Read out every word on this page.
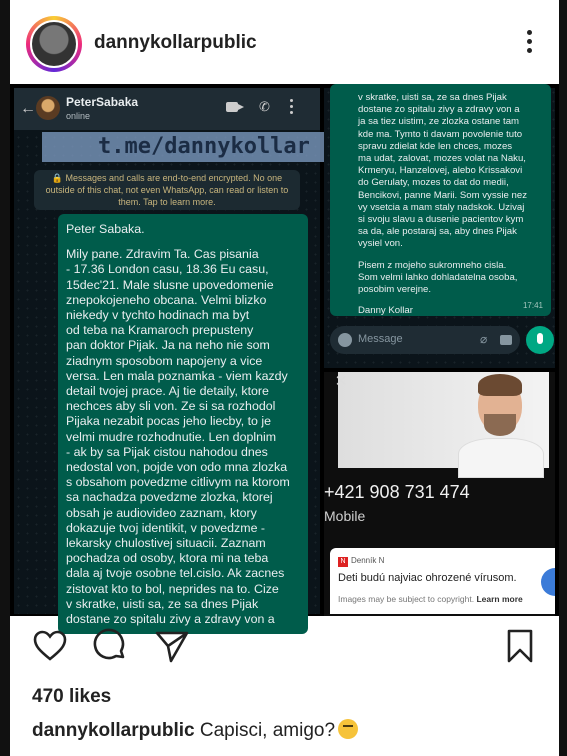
dannykollarpublic
←	PeterSabaka
online
✆
t.me/dannykollar
🔒 Messages and calls are end-to-end encrypted. No one outside of this chat, not even WhatsApp, can read or listen to them. Tap to learn more.

Peter Sabaka.

Mily pane. Zdravim Ta. Cas pisania
- 17.36 London casu, 18.36 Eu casu,
15dec'21. Male slusne upovedomenie
znepokojeneho obcana. Velmi blizko
niekedy v tychto hodinach ma byt
od teba na Kramaroch prepusteny
pan doktor Pijak. Ja na neho nie som
ziadnym sposobom napojeny a vice
versa. Len mala poznamka - viem kazdy
detail tvojej prace. Aj tie detaily, ktore
nechces aby sli von. Ze si sa rozhodol
Pijaka nezabit pocas jeho liecby, to je
velmi mudre rozhodnutie. Len doplnim
- ak by sa Pijak cistou nahodou dnes
nedostal von, pojde von odo mna zlozka
s obsahom povedzme citlivym na ktorom
sa nachadza povedzme zlozka, ktorej
obsah je audiovideo zaznam, ktory
dokazuje tvoj identikit, v povedzme -
lekarsky chulostivej situacii. Zaznam
pochadza od osoby, ktora mi na teba
dala aj tvoje osobne tel.cislo. Ak zacnes
zistovat kto to bol, neprides na to. Cize
v skratke, uisti sa, ze sa dnes Pijak
dostane zo spitalu zivy a zdravy von a

v skratke, uisti sa, ze sa dnes Pijak
dostane zo spitalu zivy a zdravy von a
ja sa tiez uistim, ze zlozka ostane tam
kde ma. Tymto ti davam povolenie tuto
spravu zdielat kde len chces, mozes
ma udat, zalovat, mozes volat na Naku,
Krmeryu, Hanzelovej, alebo Krissakovi
do Gerulaty, mozes to dat do medii,
Bencikovi, panne Marii. Som vyssie nez
vy vsetcia a mam staly nadskok. Uzivaj
si svoju slavu a dusenie pacientov kym
sa da, ale postaraj sa, aby dnes Pijak
vysiel von.

Pisem z mojeho sukromneho cisla.
Som velmi lahko dohladatelna osoba,
posobim verejne.

Danny Kollar	17:41
Message	⌀
✕
+421 908 731 474
Mobile
N Denník N
Deti budú najviac ohrozené vírusom.
Images may be subject to copyright. Learn more
470 likes
dannykollarpublic Capisci, amigo?
